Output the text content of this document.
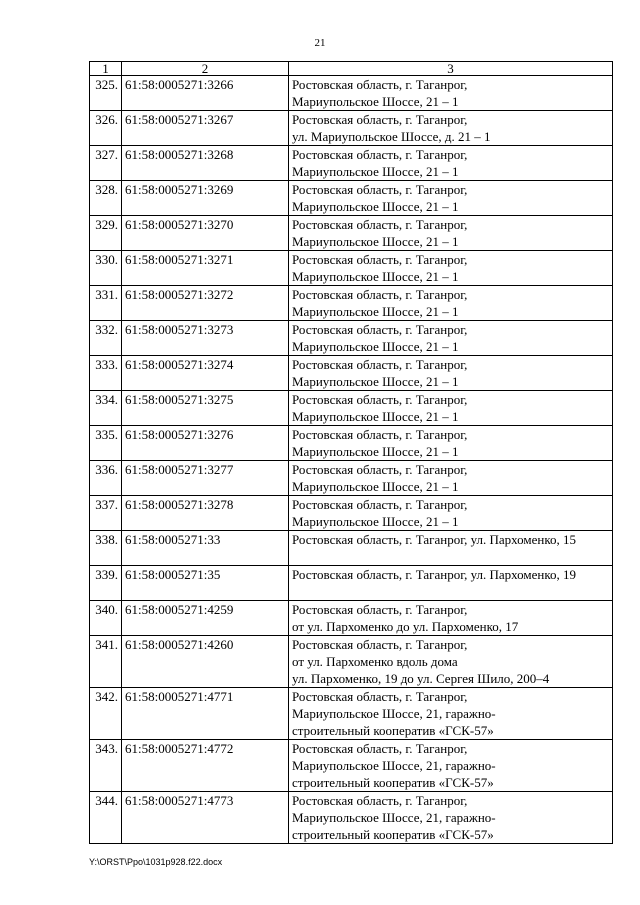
21
1	2	3
325.	61:58:0005271:3266	Ростовская область, г. Таганрог,
Мариупольское Шоссе, 21 – 1

326.	61:58:0005271:3267	Ростовская область, г. Таганрог,
ул. Мариупольское Шоссе, д. 21 – 1

327.	61:58:0005271:3268	Ростовская область, г. Таганрог,
Мариупольское Шоссе, 21 – 1

328.	61:58:0005271:3269	Ростовская область, г. Таганрог,
Мариупольское Шоссе, 21 – 1

329.	61:58:0005271:3270	Ростовская область, г. Таганрог,
Мариупольское Шоссе, 21 – 1

330.	61:58:0005271:3271	Ростовская область, г. Таганрог,
Мариупольское Шоссе, 21 – 1

331.	61:58:0005271:3272	Ростовская область, г. Таганрог,
Мариупольское Шоссе, 21 – 1

332.	61:58:0005271:3273	Ростовская область, г. Таганрог,
Мариупольское Шоссе, 21 – 1

333.	61:58:0005271:3274	Ростовская область, г. Таганрог,
Мариупольское Шоссе, 21 – 1

334.	61:58:0005271:3275	Ростовская область, г. Таганрог,
Мариупольское Шоссе, 21 – 1

335.	61:58:0005271:3276	Ростовская область, г. Таганрог,
Мариупольское Шоссе, 21 – 1

336.	61:58:0005271:3277	Ростовская область, г. Таганрог,
Мариупольское Шоссе, 21 – 1

337.	61:58:0005271:3278	Ростовская область, г. Таганрог,
Мариупольское Шоссе, 21 – 1

338.	61:58:0005271:33	Ростовская область, г. Таганрог, ул. Пархоменко, 15

339.	61:58:0005271:35	Ростовская область, г. Таганрог, ул. Пархоменко, 19

340.	61:58:0005271:4259	Ростовская область, г. Таганрог,
от ул. Пархоменко до ул. Пархоменко, 17

341.	61:58:0005271:4260	Ростовская область, г. Таганрог,
от ул. Пархоменко вдоль дома
ул. Пархоменко, 19 до ул. Сергея Шило, 200–4

342.	61:58:0005271:4771	Ростовская область, г. Таганрог,
Мариупольское Шоссе, 21, гаражно-
строительный кооператив «ГСК-57»

343.	61:58:0005271:4772	Ростовская область, г. Таганрог,
Мариупольское Шоссе, 21, гаражно-
строительный кооператив «ГСК-57»

344.	61:58:0005271:4773	Ростовская область, г. Таганрог,
Мариупольское Шоссе, 21, гаражно-
строительный кооператив «ГСК-57»
Y:\ORST\Ppo\1031p928.f22.docx
